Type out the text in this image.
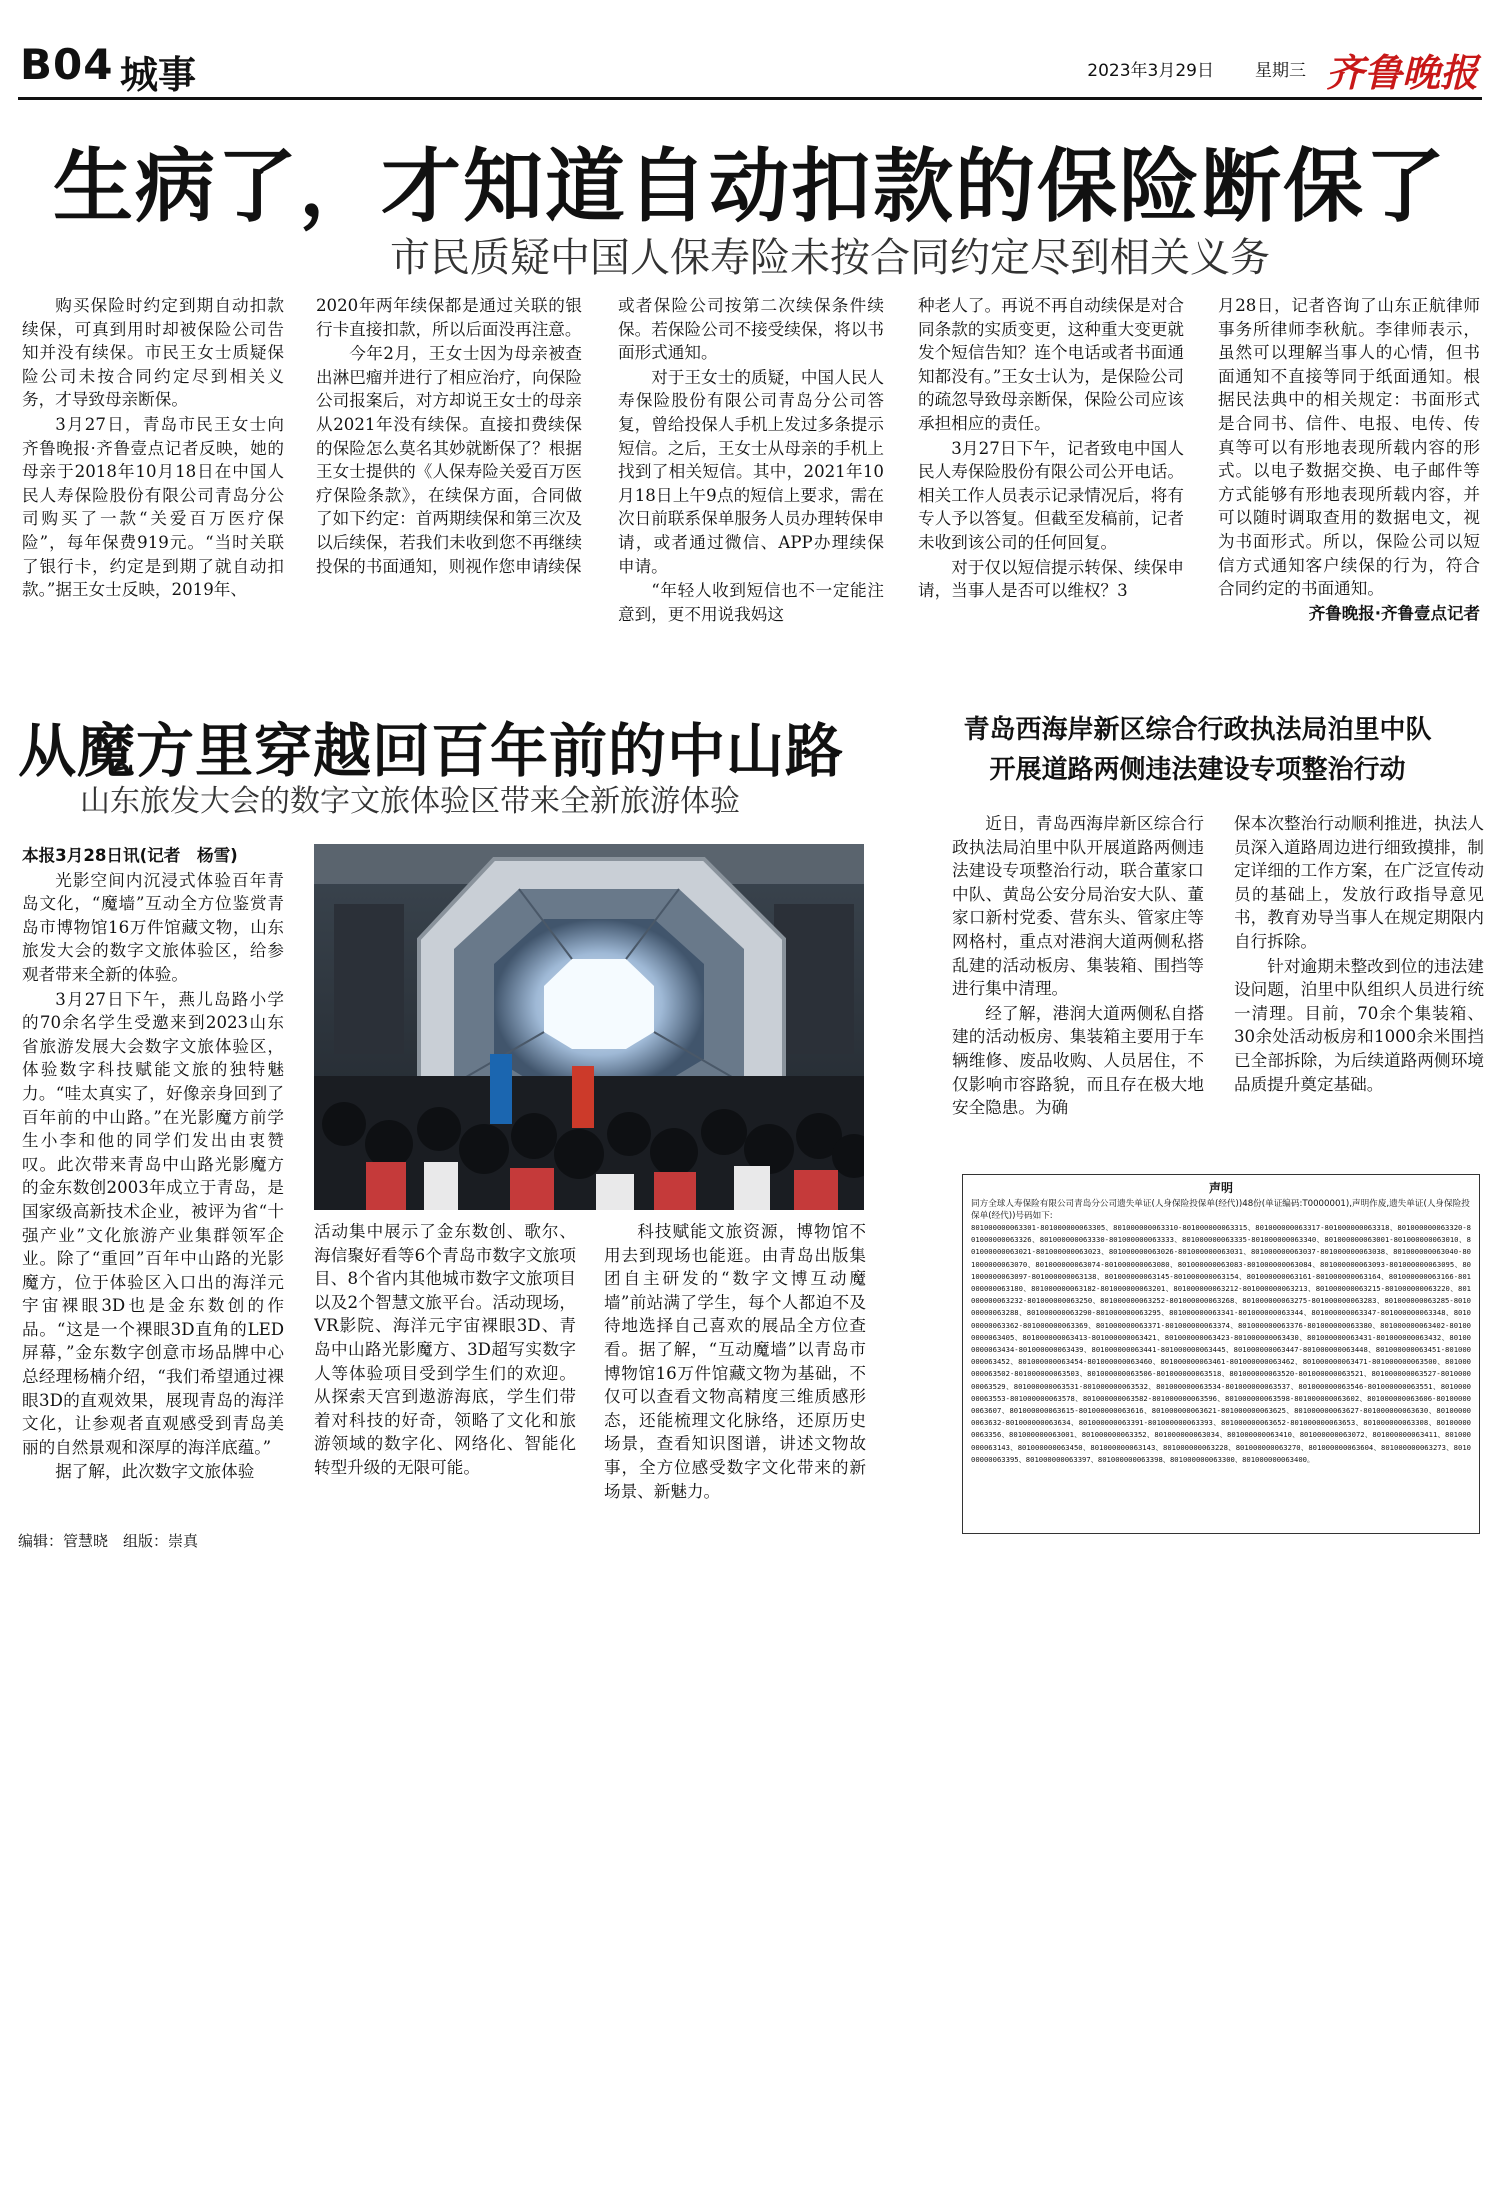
B04 城事	2023年3月29日 星期三 齐鲁晚报
生病了，才知道自动扣款的保险断保了
市民质疑中国人保寿险未按合同约定尽到相关义务

购买保险时约定到期自动扣款续保，可真到用时却被保险公司告知并没有续保。市民王女士质疑保险公司未按合同约定尽到相关义务，才导致母亲断保。

3月27日，青岛市民王女士向齐鲁晚报·齐鲁壹点记者反映，她的母亲于2018年10月18日在中国人民人寿保险股份有限公司青岛分公司购买了一款“关爱百万医疗保险”，每年保费919元。“当时关联了银行卡，约定是到期了就自动扣款。”据王女士反映，2019年、

2020年两年续保都是通过关联的银行卡直接扣款，所以后面没再注意。

今年2月，王女士因为母亲被查出淋巴瘤并进行了相应治疗，向保险公司报案后，对方却说王女士的母亲从2021年没有续保。直接扣费续保的保险怎么莫名其妙就断保了？根据王女士提供的《人保寿险关爱百万医疗保险条款》，在续保方面，合同做了如下约定：首两期续保和第三次及以后续保，若我们未收到您不再继续投保的书面通知，则视作您申请续保

或者保险公司按第二次续保条件续保。若保险公司不接受续保，将以书面形式通知。

对于王女士的质疑，中国人民人寿保险股份有限公司青岛分公司答复，曾给投保人手机上发过多条提示短信。之后，王女士从母亲的手机上找到了相关短信。其中，2021年10月18日上午9点的短信上要求，需在次日前联系保单服务人员办理转保申请，或者通过微信、APP办理续保申请。

“年轻人收到短信也不一定能注意到，更不用说我妈这

种老人了。再说不再自动续保是对合同条款的实质变更，这种重大变更就发个短信告知？连个电话或者书面通知都没有。”王女士认为，是保险公司的疏忽导致母亲断保，保险公司应该承担相应的责任。

3月27日下午，记者致电中国人民人寿保险股份有限公司公开电话。相关工作人员表示记录情况后，将有专人予以答复。但截至发稿前，记者未收到该公司的任何回复。

对于仅以短信提示转保、续保申请，当事人是否可以维权？3

月28日，记者咨询了山东正航律师事务所律师李秋航。李律师表示，虽然可以理解当事人的心情，但书面通知不直接等同于纸面通知。根据民法典中的相关规定：书面形式是合同书、信件、电报、电传、传真等可以有形地表现所载内容的形式。以电子数据交换、电子邮件等方式能够有形地表现所载内容，并可以随时调取查用的数据电文，视为书面形式。所以，保险公司以短信方式通知客户续保的行为，符合合同约定的书面通知。

齐鲁晚报·齐鲁壹点记者
从魔方里穿越回百年前的中山路
山东旅发大会的数字文旅体验区带来全新旅游体验

本报3月28日讯(记者　杨雪)

光影空间内沉浸式体验百年青岛文化，“魔墙”互动全方位鉴赏青岛市博物馆16万件馆藏文物，山东旅发大会的数字文旅体验区，给参观者带来全新的体验。

3月27日下午，燕儿岛路小学的70余名学生受邀来到2023山东省旅游发展大会数字文旅体验区，体验数字科技赋能文旅的独特魅力。“哇太真实了，好像亲身回到了百年前的中山路。”在光影魔方前学生小李和他的同学们发出由衷赞叹。此次带来青岛中山路光影魔方的金东数创2003年成立于青岛，是国家级高新技术企业，被评为省“十强产业”文化旅游产业集群领军企业。除了“重回”百年中山路的光影魔方，位于体验区入口出的海洋元宇宙裸眼3D也是金东数创的作品。“这是一个裸眼3D直角的LED屏幕，”金东数字创意市场品牌中心总经理杨楠介绍，“我们希望通过裸眼3D的直观效果，展现青岛的海洋文化，让参观者直观感受到青岛美丽的自然景观和深厚的海洋底蕴。”

据了解，此次数字文旅体验

活动集中展示了金东数创、歌尔、海信聚好看等6个青岛市数字文旅项目、8个省内其他城市数字文旅项目以及2个智慧文旅平台。活动现场，VR影院、海洋元宇宙裸眼3D、青岛中山路光影魔方、3D超写实数字人等体验项目受到学生们的欢迎。从探索天宫到遨游海底，学生们带着对科技的好奇，领略了文化和旅游领域的数字化、网络化、智能化转型升级的无限可能。

科技赋能文旅资源，博物馆不用去到现场也能逛。由青岛出版集团自主研发的“数字文博互动魔墙”前站满了学生，每个人都迫不及待地选择自己喜欢的展品全方位查看。据了解，“互动魔墙”以青岛市博物馆16万件馆藏文物为基础，不仅可以查看文物高精度三维质感形态，还能梳理文化脉络，还原历史场景，查看知识图谱，讲述文物故事，全方位感受数字文化带来的新场景、新魅力。

青岛西海岸新区综合行政执法局泊里中队
开展道路两侧违法建设专项整治行动

近日，青岛西海岸新区综合行政执法局泊里中队开展道路两侧违法建设专项整治行动，联合董家口中队、黄岛公安分局治安大队、董家口新村党委、营东头、管家庄等网格村，重点对港润大道两侧私搭乱建的活动板房、集装箱、围挡等进行集中清理。

经了解，港润大道两侧私自搭建的活动板房、集装箱主要用于车辆维修、废品收购、人员居住，不仅影响市容路貌，而且存在极大地安全隐患。为确

保本次整治行动顺利推进，执法人员深入道路周边进行细致摸排，制定详细的工作方案，在广泛宣传动员的基础上，发放行政指导意见书，教育劝导当事人在规定期限内自行拆除。

针对逾期未整改到位的违法建设问题，泊里中队组织人员进行统一清理。目前，70余个集装箱、30余处活动板房和1000余米围挡已全部拆除，为后续道路两侧环境品质提升奠定基础。

声明
同方全球人寿保险有限公司青岛分公司遗失单证(人身保险投保单(经代))48份(单证编码:T0000001),声明作废,遗失单证(人身保险投保单(经代))号码如下:
801000000063301-801000000063305、801000000063310-801000000063315、801000000063317-801000000063318、801000000063320-801000000063326、801000000063330-801000000063333、801000000063335-801000000063340、801000000063001-801000000063010、801000000063021-801000000063023、801000000063026-801000000063031、801000000063037-801000000063038、801000000063040-801000000063070、801000000063074-801000000063080、801000000063083-801000000063084、801000000063093-801000000063095、801000000063097-801000000063138、801000000063145-801000000063154、801000000063161-801000000063164、801000000063166-801000000063180、801000000063182-801000000063201、801000000063212-801000000063213、801000000063215-801000000063220、801000000063232-801000000063250、801000000063252-801000000063268、801000000063275-801000000063283、801000000063285-801000000063288、801000000063290-801000000063295、801000000063341-801000000063344、801000000063347-801000000063348、801000000063362-801000000063369、801000000063371-801000000063374、801000000063376-801000000063380、801000000063402-801000000063405、801000000063413-801000000063421、801000000063423-801000000063430、801000000063431-801000000063432、801000000063434-801000000063439、801000000063441-801000000063445、801000000063447-801000000063448、801000000063451-801000000063452、801000000063454-801000000063460、801000000063461-801000000063462、801000000063471-801000000063500、801000000063502-801000000063503、801000000063506-801000000063518、801000000063520-801000000063521、801000000063527-801000000063529、801000000063531-801000000063532、801000000063534-801000000063537、801000000063546-801000000063551、801000000063553-801000000063578、801000000063582-801000000063596、801000000063598-801000000063602、801000000063606-801000000063607、801000000063615-801000000063616、801000000063621-801000000063625、801000000063627-801000000063630、801000000063632-801000000063634、801000000063391-801000000063393、801000000063652-801000000063653、801000000063308、801000000063356、801000000063001、801000000063352、801000000063034、801000000063410、801000000063072、801000000063411、801000000063143、801000000063450、801000000063143、801000000063228、801000000063270、801000000063604、801000000063273、801000000063395、801000000063397、801000000063398、801000000063300、801000000063400。
编辑：管慧晓　组版：崇真
